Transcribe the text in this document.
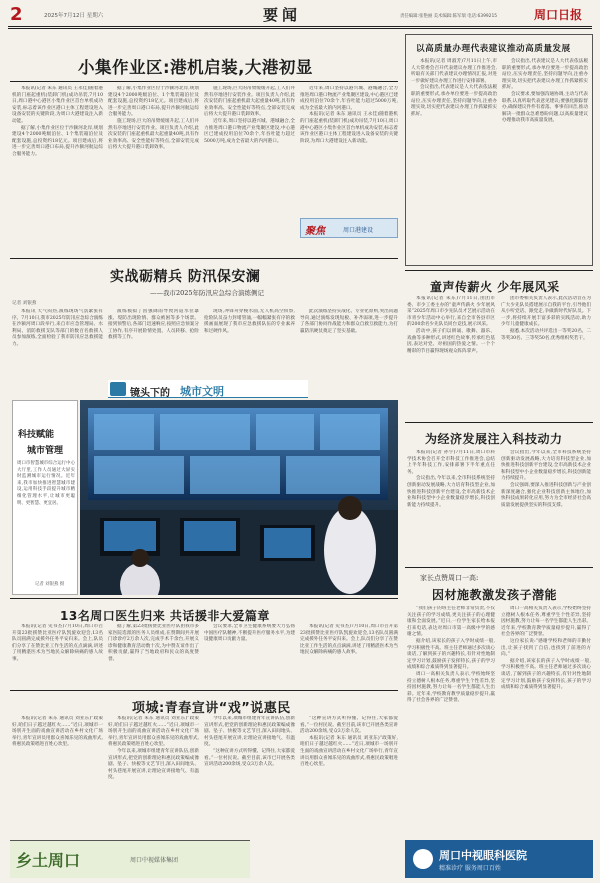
2	2025年7月12日 星期六	要闻	责任编辑:张艳丽 美术编辑:陈军瑞 电话:6399215	周口日报
小集作业区:港机启装,大港初显

本报讯(记者 朱东 通讯员 王永佳)随着港机的门座起重机(装卸门机)成功吊装,7月10日,周口港中心港区小集作业区首台单机成功安装,标志着该作业区港口主体工程建设进入设备安装的关键阶段,为周口大港建设注入新动能。

据了解,小集作业区位于沙颍河北岸,规划建设4个2000吨级泊位、1个集装箱泊位及配套设施,总投资约18亿元。项目建成后,将进一步完善周口港口布局,提升沙颍河航运综合服务能力。

据了解,小集作业区位于沙颍河北岸,规划建设4个2000吨级泊位、1个集装箱泊位及配套设施,总投资约18亿元。项目建成后,将进一步完善周口港口布局,提升沙颍河航运综合服务能力。

施工现场,巨大的吊臂缓缓升起,工人们井然有序地进行安装作业。项目负责人介绍,此次安装的门座起重机最大起重量40吨,具有作业效率高、安全性能好等特点,全部安装完成后将大大提升港口装卸效率。

施工现场,巨大的吊臂缓缓升起,工人们井然有序地进行安装作业。项目负责人介绍,此次安装的门座起重机最大起重量40吨,具有作业效率高、安全性能好等特点,全部安装完成后将大大提升港口装卸效率。

近年来,周口坚持以港兴城、港城融合,全力推进周口港口物流产业集聚区建设,中心港区已建成投用泊位70余个,年吞吐能力超过5000万吨,成为全省最大的内河港口。

近年来,周口坚持以港兴城、港城融合,全力推进周口港口物流产业集聚区建设,中心港区已建成投用泊位70余个,年吞吐能力超过5000万吨,成为全省最大的内河港口。

本报讯(记者 朱东 通讯员 王永佳)随着港机的门座起重机(装卸门机)成功吊装,7月10日,周口港中心港区小集作业区首台单机成功安装,标志着该作业区港口主体工程建设进入设备安装的关键阶段,为周口大港建设注入新动能。

聚焦	周口港建设
以高质量办理代表建议推动高质量发展

本报讯(记者 周淑芳)7月11日上午,市人大常委会召开代表建议办理工作推进会,听取有关部门代表建议办理情况汇报,对进一步做好建议办理工作进行安排部署。

会议指出,代表建议是人大代表依法履职的重要形式,承办单位要进一步提高政治站位,压实办理责任,坚持问题导向,注重办理实效,切实把代表建议办理工作抓紧抓实抓好。

会议指出,代表建议是人大代表依法履职的重要形式,承办单位要进一步提高政治站位,压实办理责任,坚持问题导向,注重办理实效,切实把代表建议办理工作抓紧抓实抓好。

会议要求,要加强沟通协调,主动与代表联系,认真听取代表意见建议;要强化跟踪督办,确保建议件件有着落、事事有回音,推动解决一批群众急难愁盼问题,以高质量建议办理推动我市高质量发展。

实战砺精兵 防汛保安澜
——我市2025年防汛应急综合演练侧记
记者 刘银燕

本报讯 天气闷热,演练现场气氛紧张有序。7月10日,我市2025年防汛应急综合演练在沙颍河周口段举行,来自市应急管理局、水利局、消防救援支队等部门的数百名救援人员参加演练,全面检验了我市防汛应急救援能力。

演练模拟了因强降雨导致河道水位暴涨、堤防出现险情、群众被困等多个场景。接到预警后,各部门迅速响应,按照应急预案分工协作,有序开展险情处置、人员转移、抢险救援等工作。

现场,冲锋舟穿梭水面,无人机高空侦察,抢险队员奋力封堵管涌,一幅幅紧张有序的救援画面展现了我市应急救援队伍的专业素养和过硬作风。

此次演练坚持实战化、专业化原则,突出问题导向,通过演练发现短板、补齐弱项,进一步提升了各部门协同作战能力和群众自救互救能力,为打赢防汛硬仗奠定了坚实基础。

镜头下的 城市文明
科技赋能
城市管理
周口市智慧城市综合运行中心大厅里,工作人员通过大屏实时监测城市运行情况。近年来,我市加快推进智慧城市建设,运用科技手段提升城市精细化管理水平,让城市更聪明、更智慧、更宜居。
记者 刘银燕 摄
13名周口医生归来 共话援非大爱篇章

本报讯(记者 史书杰)7月10日,周口市召开第23批援赞比亚医疗队凯旋欢迎会,13名队员圆满完成援外任务平安归来。会上,队员们分享了在赞比亚工作生活的点点滴滴,讲述了用精湛医术为当地民众解除病痛的感人故事。

据了解,第23批援赞比亚医疗队由我市多家医院选派的医务人员组成,在赞期间共开展门诊诊疗2万余人次,完成手术千余台,开展义诊和健康教育活动数十次,为中赞友谊作出了积极贡献,赢得了当地政府和民众的高度赞誉。

会议要求,全市卫生健康系统要大力弘扬中国医疗队精神,不断提升医疗服务水平,为建设健康周口贡献力量。

本报讯(记者 史书杰)7月10日,周口市召开第23批援赞比亚医疗队凯旋欢迎会,13名队员圆满完成援外任务平安归来。会上,队员们分享了在赞比亚工作生活的点点滴滴,讲述了用精湛医术为当地民众解除病痛的感人故事。

项城:青春宣讲“戏”说惠民

本报讯(记者 朱东 通讯员 刘亚东)“政策好,咱们日子越过越红火……”近日,项城市一场别开生面的戏曲宣讲活动在乡村文化广场举行,青年宣讲员用群众喜闻乐见的戏曲形式,将惠民政策唱进百姓心坎里。

今年以来,项城市组建青年宣讲队伍,创新宣讲形式,把党的创新理论和惠民政策编成豫剧、坠子、快板等文艺节目,深入田间地头、村头巷尾开展宣讲,让理论宣讲接地气、有温度。

今年以来,项城市组建青年宣讲队伍,创新宣讲形式,把党的创新理论和惠民政策编成豫剧、坠子、快板等文艺节目,深入田间地头、村头巷尾开展宣讲,让理论宣讲接地气、有温度。

“这种宣讲方式听得懂、记得住,大家都爱看。”一位村民说。截至目前,该市已开展各类宣讲活动200余场,受众3万余人次。

“这种宣讲方式听得懂、记得住,大家都爱看。”一位村民说。截至目前,该市已开展各类宣讲活动200余场,受众3万余人次。

本报讯(记者 朱东 通讯员 刘亚东)“政策好,咱们日子越过越红火……”近日,项城市一场别开生面的戏曲宣讲活动在乡村文化广场举行,青年宣讲员用群众喜闻乐见的戏曲形式,将惠民政策唱进百姓心坎里。

本报讯(记者 朱东 通讯员 刘亚东)“政策好,咱们日子越过越红火……”近日,项城市一场别开生面的戏曲宣讲活动在乡村文化广场举行,青年宣讲员用群众喜闻乐见的戏曲形式,将惠民政策唱进百姓心坎里。

童声传薪火 少年展风采

本报讯(记者 朱东)7月11日,由团市委、市少工委主办的“童声传薪火 少年展风采”2025年周口市少先队员才艺展示活动在市青少年活动中心举行,来自全市各县市区的200余名少先队员同台竞技,展示风采。

活动中,孩子们以朗诵、歌舞、器乐、戏曲等多种形式,讲述红色故事,传承红色基因,表达对党、对祖国的热爱之情。一个个精彩的节目赢得现场观众阵阵掌声。

团市委相关负责人表示,此次活动旨在为广大少先队员搭建展示自我的平台,引导他们从小听党话、跟党走,争做新时代好队员。下一步,将持续开展丰富多彩的实践活动,助力少年儿童健康成长。

据悉,本次活动共评选出一等奖20名、二等奖30名、三等奖50名,优秀组织奖若干。

为经济发展注入科技动力

本报讯(记者 孙宇)7月11日,周口市科学技术协会召开全市科技工作推进会,总结上半年科技工作,安排部署下半年重点任务。

会议指出,今年以来,全市科技系统坚持创新驱动发展战略,大力培育科技型企业,加快推进科技创新平台建设,全市高新技术企业和科技型中小企业数量稳步增长,科技创新能力持续提升。

会议指出,今年以来,全市科技系统坚持创新驱动发展战略,大力培育科技型企业,加快推进科技创新平台建设,全市高新技术企业和科技型中小企业数量稳步增长,科技创新能力持续提升。

会议强调,要深入推进科技创新与产业创新深度融合,强化企业科技创新主体地位,加快科技成果转化应用,努力为全市经济社会高质量发展提供坚实的科技支撑。

家长点赞周口一高:
因材施教激发孩子潜能

“我们孩子的班主任老师非常负责,不仅关注孩子的学习成绩,更关注孩子的心理健康和全面发展。”近日,一位学生家长给本报打来电话,表达对周口市第一高级中学的感谢之情。

据介绍,该家长的孩子入学时成绩一般,学习积极性不高。班主任老师通过多次谈心谈话,了解到孩子的兴趣特长,有针对性地制定学习计划,鼓励孩子发挥特长,孩子的学习成绩和综合素质得到显著提升。

周口一高相关负责人表示,学校始终坚持立德树人根本任务,尊重学生个性差异,坚持因材施教,努力让每一名学生都能人生出彩。近年来,学校教育教学质量稳步提升,赢得了社会各界的广泛赞誉。

周口一高相关负责人表示,学校始终坚持立德树人根本任务,尊重学生个性差异,坚持因材施教,努力让每一名学生都能人生出彩。近年来,学校教育教学质量稳步提升,赢得了社会各界的广泛赞誉。

这位家长说:“感谢学校和老师的辛勤付出,让孩子找到了自信,也找到了前进的方向。”

据介绍,该家长的孩子入学时成绩一般,学习积极性不高。班主任老师通过多次谈心谈话,了解到孩子的兴趣特长,有针对性地制定学习计划,鼓励孩子发挥特长,孩子的学习成绩和综合素质得到显著提升。

乡土周口	周口中视媒体集团	周口中视眼科医院
精准诊疗 服务周口百姓
